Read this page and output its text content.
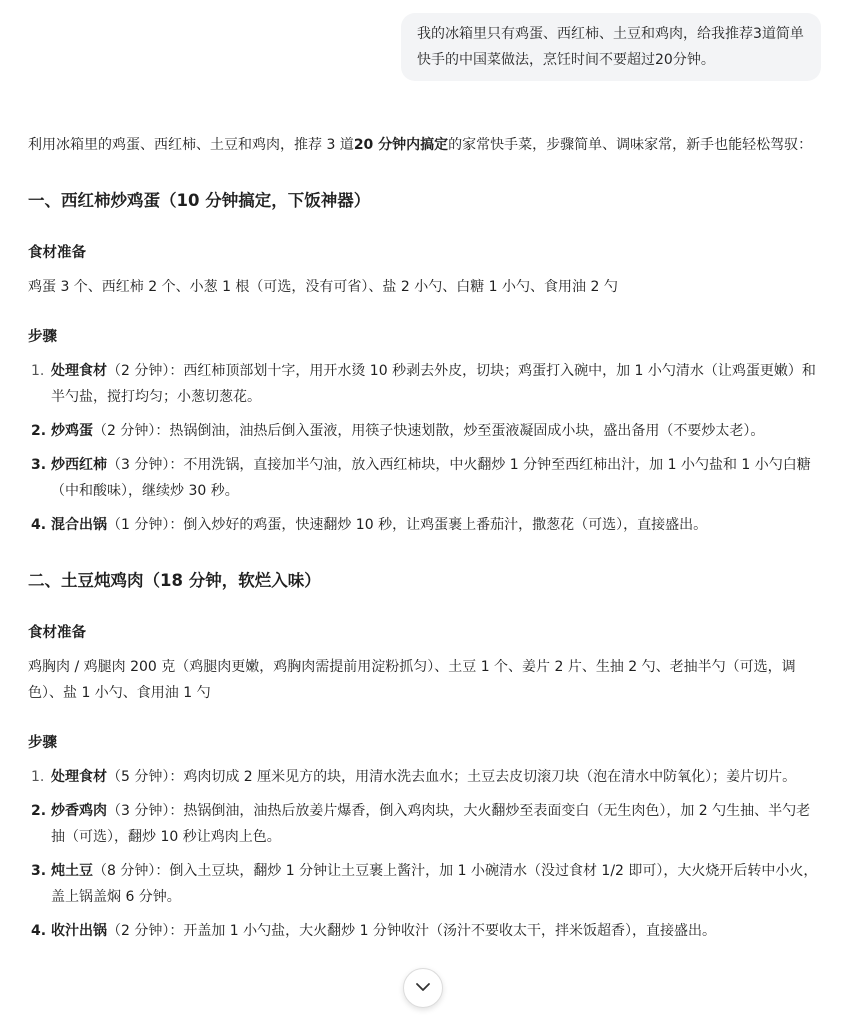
我的冰箱里只有鸡蛋、西红柿、土豆和鸡肉，给我推荐3道简单快手的中国菜做法，烹饪时间不要超过20分钟。

利用冰箱里的鸡蛋、西红柿、土豆和鸡肉，推荐 3 道20 分钟内搞定的家常快手菜，步骤简单、调味家常，新手也能轻松驾驭：

一、西红柿炒鸡蛋（10 分钟搞定，下饭神器）
食材准备

鸡蛋 3 个、西红柿 2 个、小葱 1 根（可选，没有可省）、盐 2 小勺、白糖 1 小勺、食用油 2 勺

步骤
1. 处理食材（2 分钟）：西红柿顶部划十字，用开水烫 10 秒剥去外皮，切块；鸡蛋打入碗中，加 1 小勺清水（让鸡蛋更嫩）和半勺盐，搅打均匀；小葱切葱花。
2. 炒鸡蛋（2 分钟）：热锅倒油，油热后倒入蛋液，用筷子快速划散，炒至蛋液凝固成小块，盛出备用（不要炒太老）。
3. 炒西红柿（3 分钟）：不用洗锅，直接加半勺油，放入西红柿块，中火翻炒 1 分钟至西红柿出汁，加 1 小勺盐和 1 小勺白糖（中和酸味），继续炒 30 秒。
4. 混合出锅（1 分钟）：倒入炒好的鸡蛋，快速翻炒 10 秒，让鸡蛋裹上番茄汁，撒葱花（可选），直接盛出。
二、土豆炖鸡肉（18 分钟，软烂入味）
食材准备

鸡胸肉 / 鸡腿肉 200 克（鸡腿肉更嫩，鸡胸肉需提前用淀粉抓匀）、土豆 1 个、姜片 2 片、生抽 2 勺、老抽半勺（可选，调色）、盐 1 小勺、食用油 1 勺

步骤
1. 处理食材（5 分钟）：鸡肉切成 2 厘米见方的块，用清水洗去血水；土豆去皮切滚刀块（泡在清水中防氧化）；姜片切片。
2. 炒香鸡肉（3 分钟）：热锅倒油，油热后放姜片爆香，倒入鸡肉块，大火翻炒至表面变白（无生肉色），加 2 勺生抽、半勺老抽（可选），翻炒 10 秒让鸡肉上色。
3. 炖土豆（8 分钟）：倒入土豆块，翻炒 1 分钟让土豆裹上酱汁，加 1 小碗清水（没过食材 1/2 即可），大火烧开后转中小火，盖上锅盖焖 6 分钟。
4. 收汁出锅（2 分钟）：开盖加 1 小勺盐，大火翻炒 1 分钟收汁（汤汁不要收太干，拌米饭超香），直接盛出。
